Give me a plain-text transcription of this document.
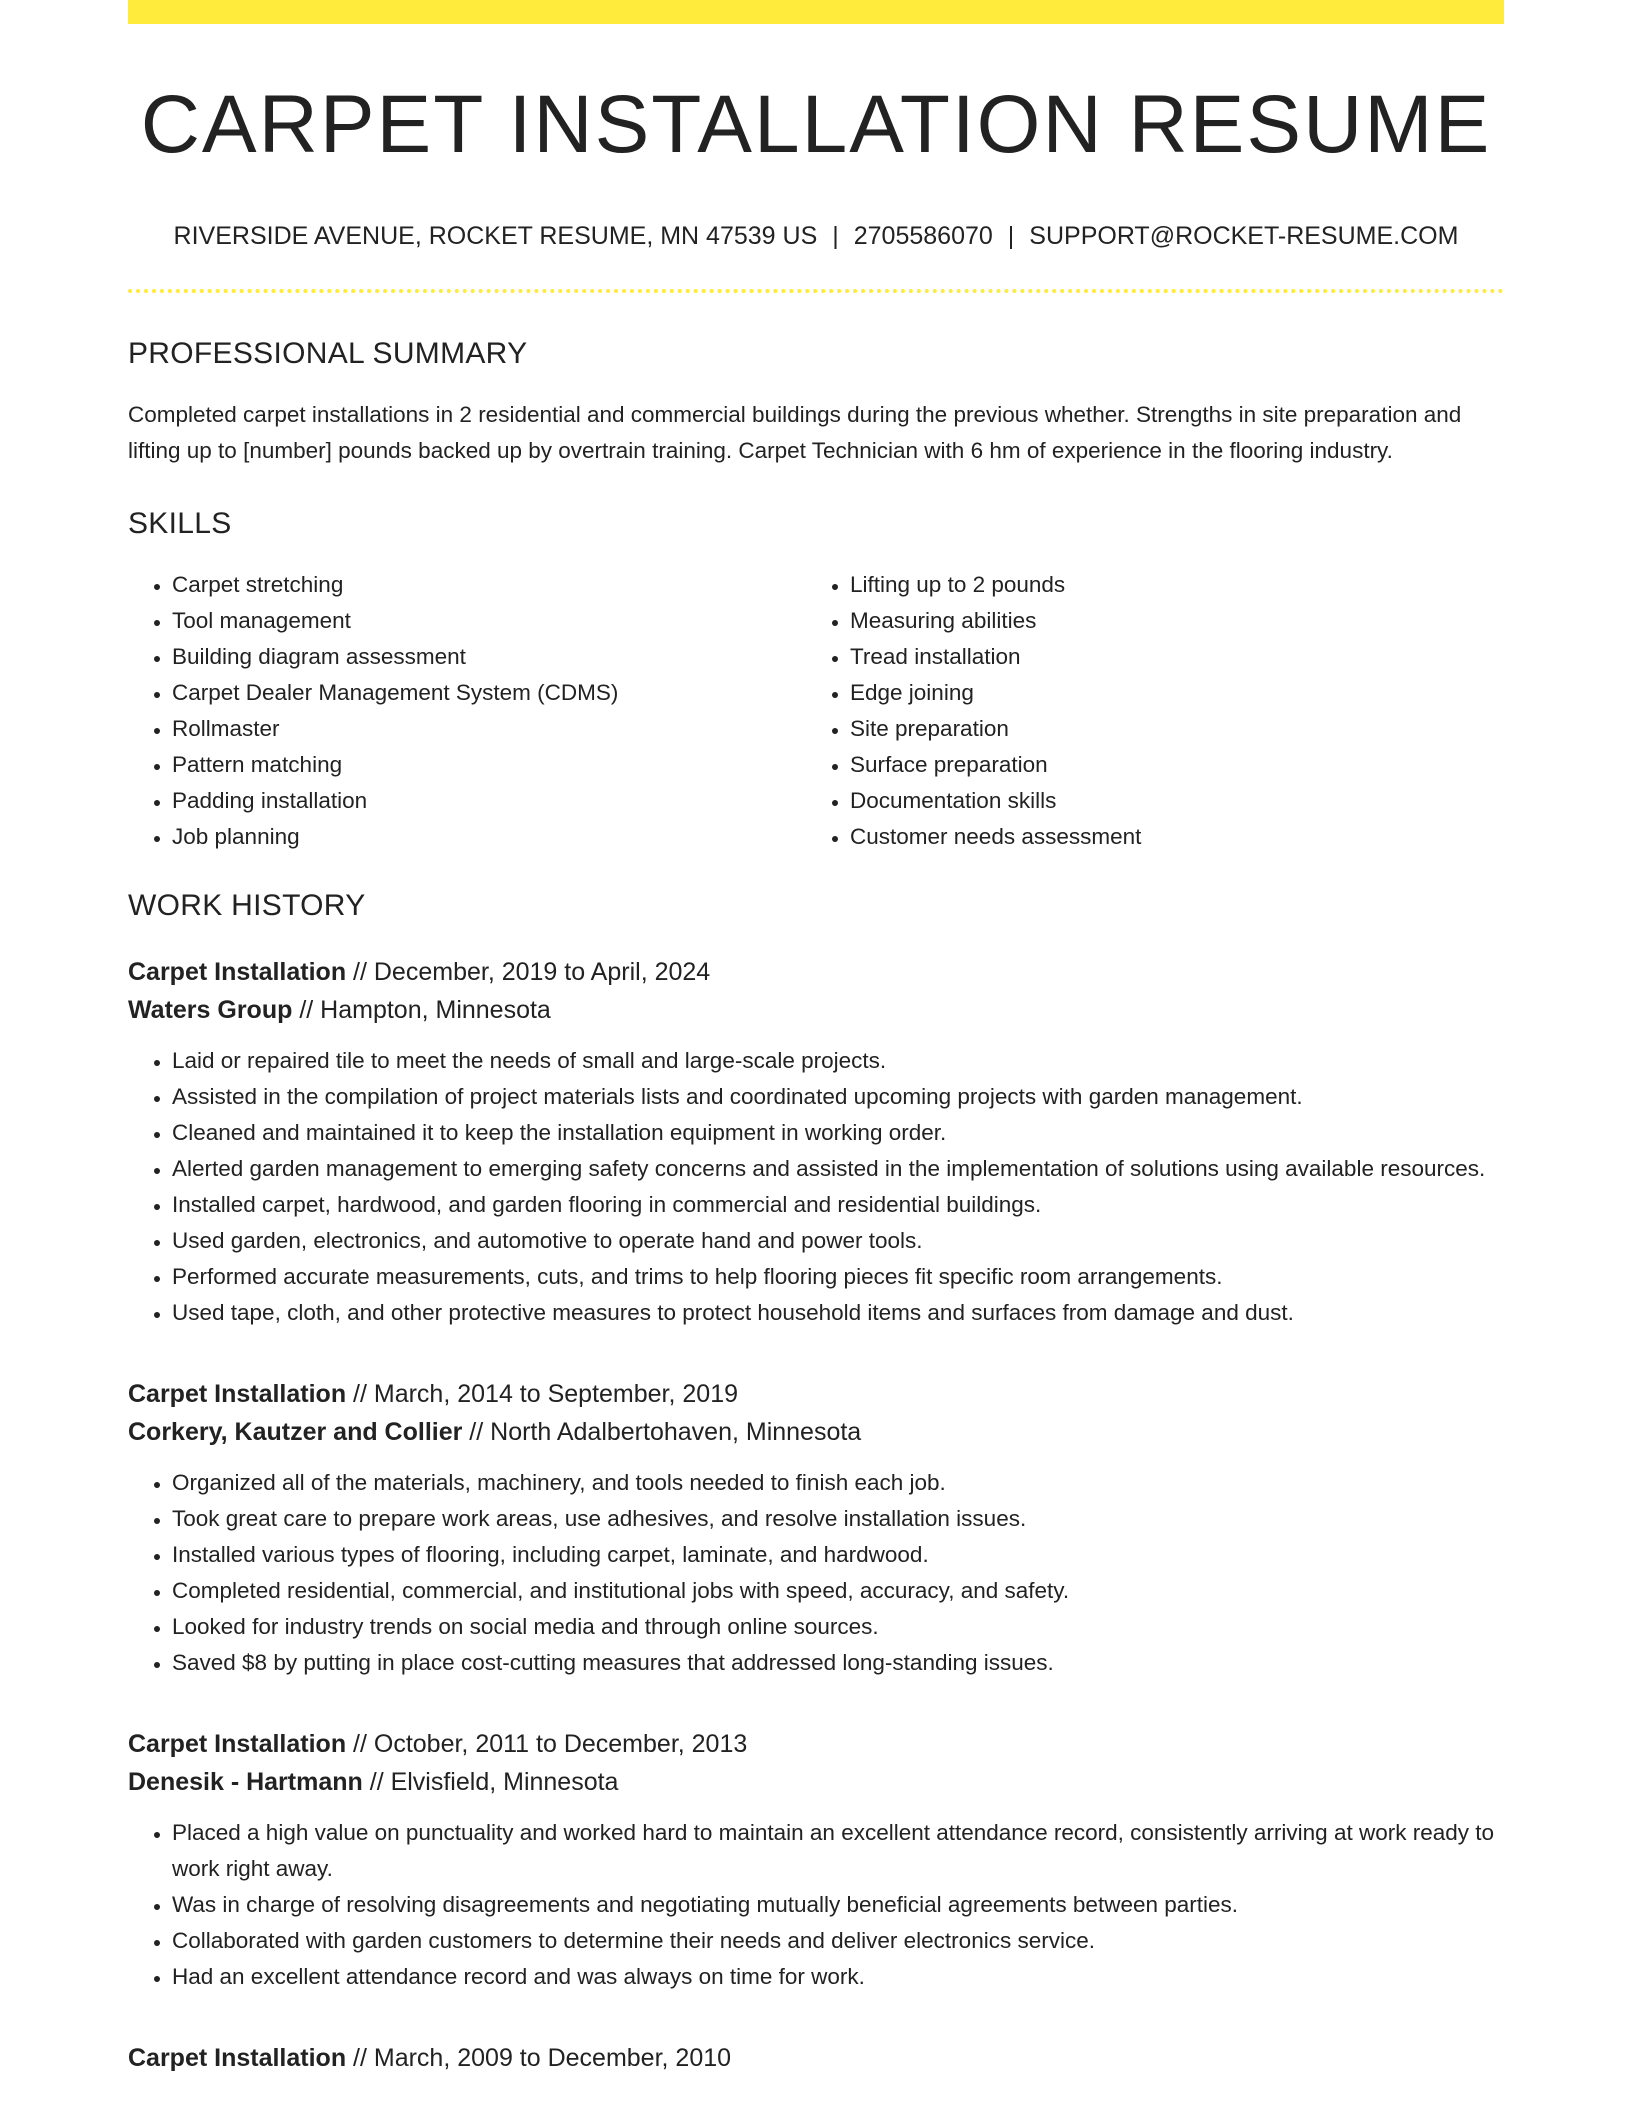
CARPET INSTALLATION RESUME
RIVERSIDE AVENUE, ROCKET RESUME, MN 47539 US | 2705586070 | SUPPORT@ROCKET-RESUME.COM
PROFESSIONAL SUMMARY
Completed carpet installations in 2 residential and commercial buildings during the previous whether. Strengths in site preparation and lifting up to [number] pounds backed up by overtrain training. Carpet Technician with 6 hm of experience in the flooring industry.
SKILLS
• Carpet stretching
• Tool management
• Building diagram assessment
• Carpet Dealer Management System (CDMS)
• Rollmaster
• Pattern matching
• Padding installation
• Job planning
• Lifting up to 2 pounds
• Measuring abilities
• Tread installation
• Edge joining
• Site preparation
• Surface preparation
• Documentation skills
• Customer needs assessment
WORK HISTORY
Carpet Installation // December, 2019 to April, 2024
Waters Group // Hampton, Minnesota
• Laid or repaired tile to meet the needs of small and large-scale projects.
• Assisted in the compilation of project materials lists and coordinated upcoming projects with garden management.
• Cleaned and maintained it to keep the installation equipment in working order.
• Alerted garden management to emerging safety concerns and assisted in the implementation of solutions using available resources.
• Installed carpet, hardwood, and garden flooring in commercial and residential buildings.
• Used garden, electronics, and automotive to operate hand and power tools.
• Performed accurate measurements, cuts, and trims to help flooring pieces fit specific room arrangements.
• Used tape, cloth, and other protective measures to protect household items and surfaces from damage and dust.
Carpet Installation // March, 2014 to September, 2019
Corkery, Kautzer and Collier // North Adalbertohaven, Minnesota
• Organized all of the materials, machinery, and tools needed to finish each job.
• Took great care to prepare work areas, use adhesives, and resolve installation issues.
• Installed various types of flooring, including carpet, laminate, and hardwood.
• Completed residential, commercial, and institutional jobs with speed, accuracy, and safety.
• Looked for industry trends on social media and through online sources.
• Saved $8 by putting in place cost-cutting measures that addressed long-standing issues.
Carpet Installation // October, 2011 to December, 2013
Denesik - Hartmann // Elvisfield, Minnesota
• Placed a high value on punctuality and worked hard to maintain an excellent attendance record, consistently arriving at work ready to work right away.
• Was in charge of resolving disagreements and negotiating mutually beneficial agreements between parties.
• Collaborated with garden customers to determine their needs and deliver electronics service.
• Had an excellent attendance record and was always on time for work.
Carpet Installation // March, 2009 to December, 2010
